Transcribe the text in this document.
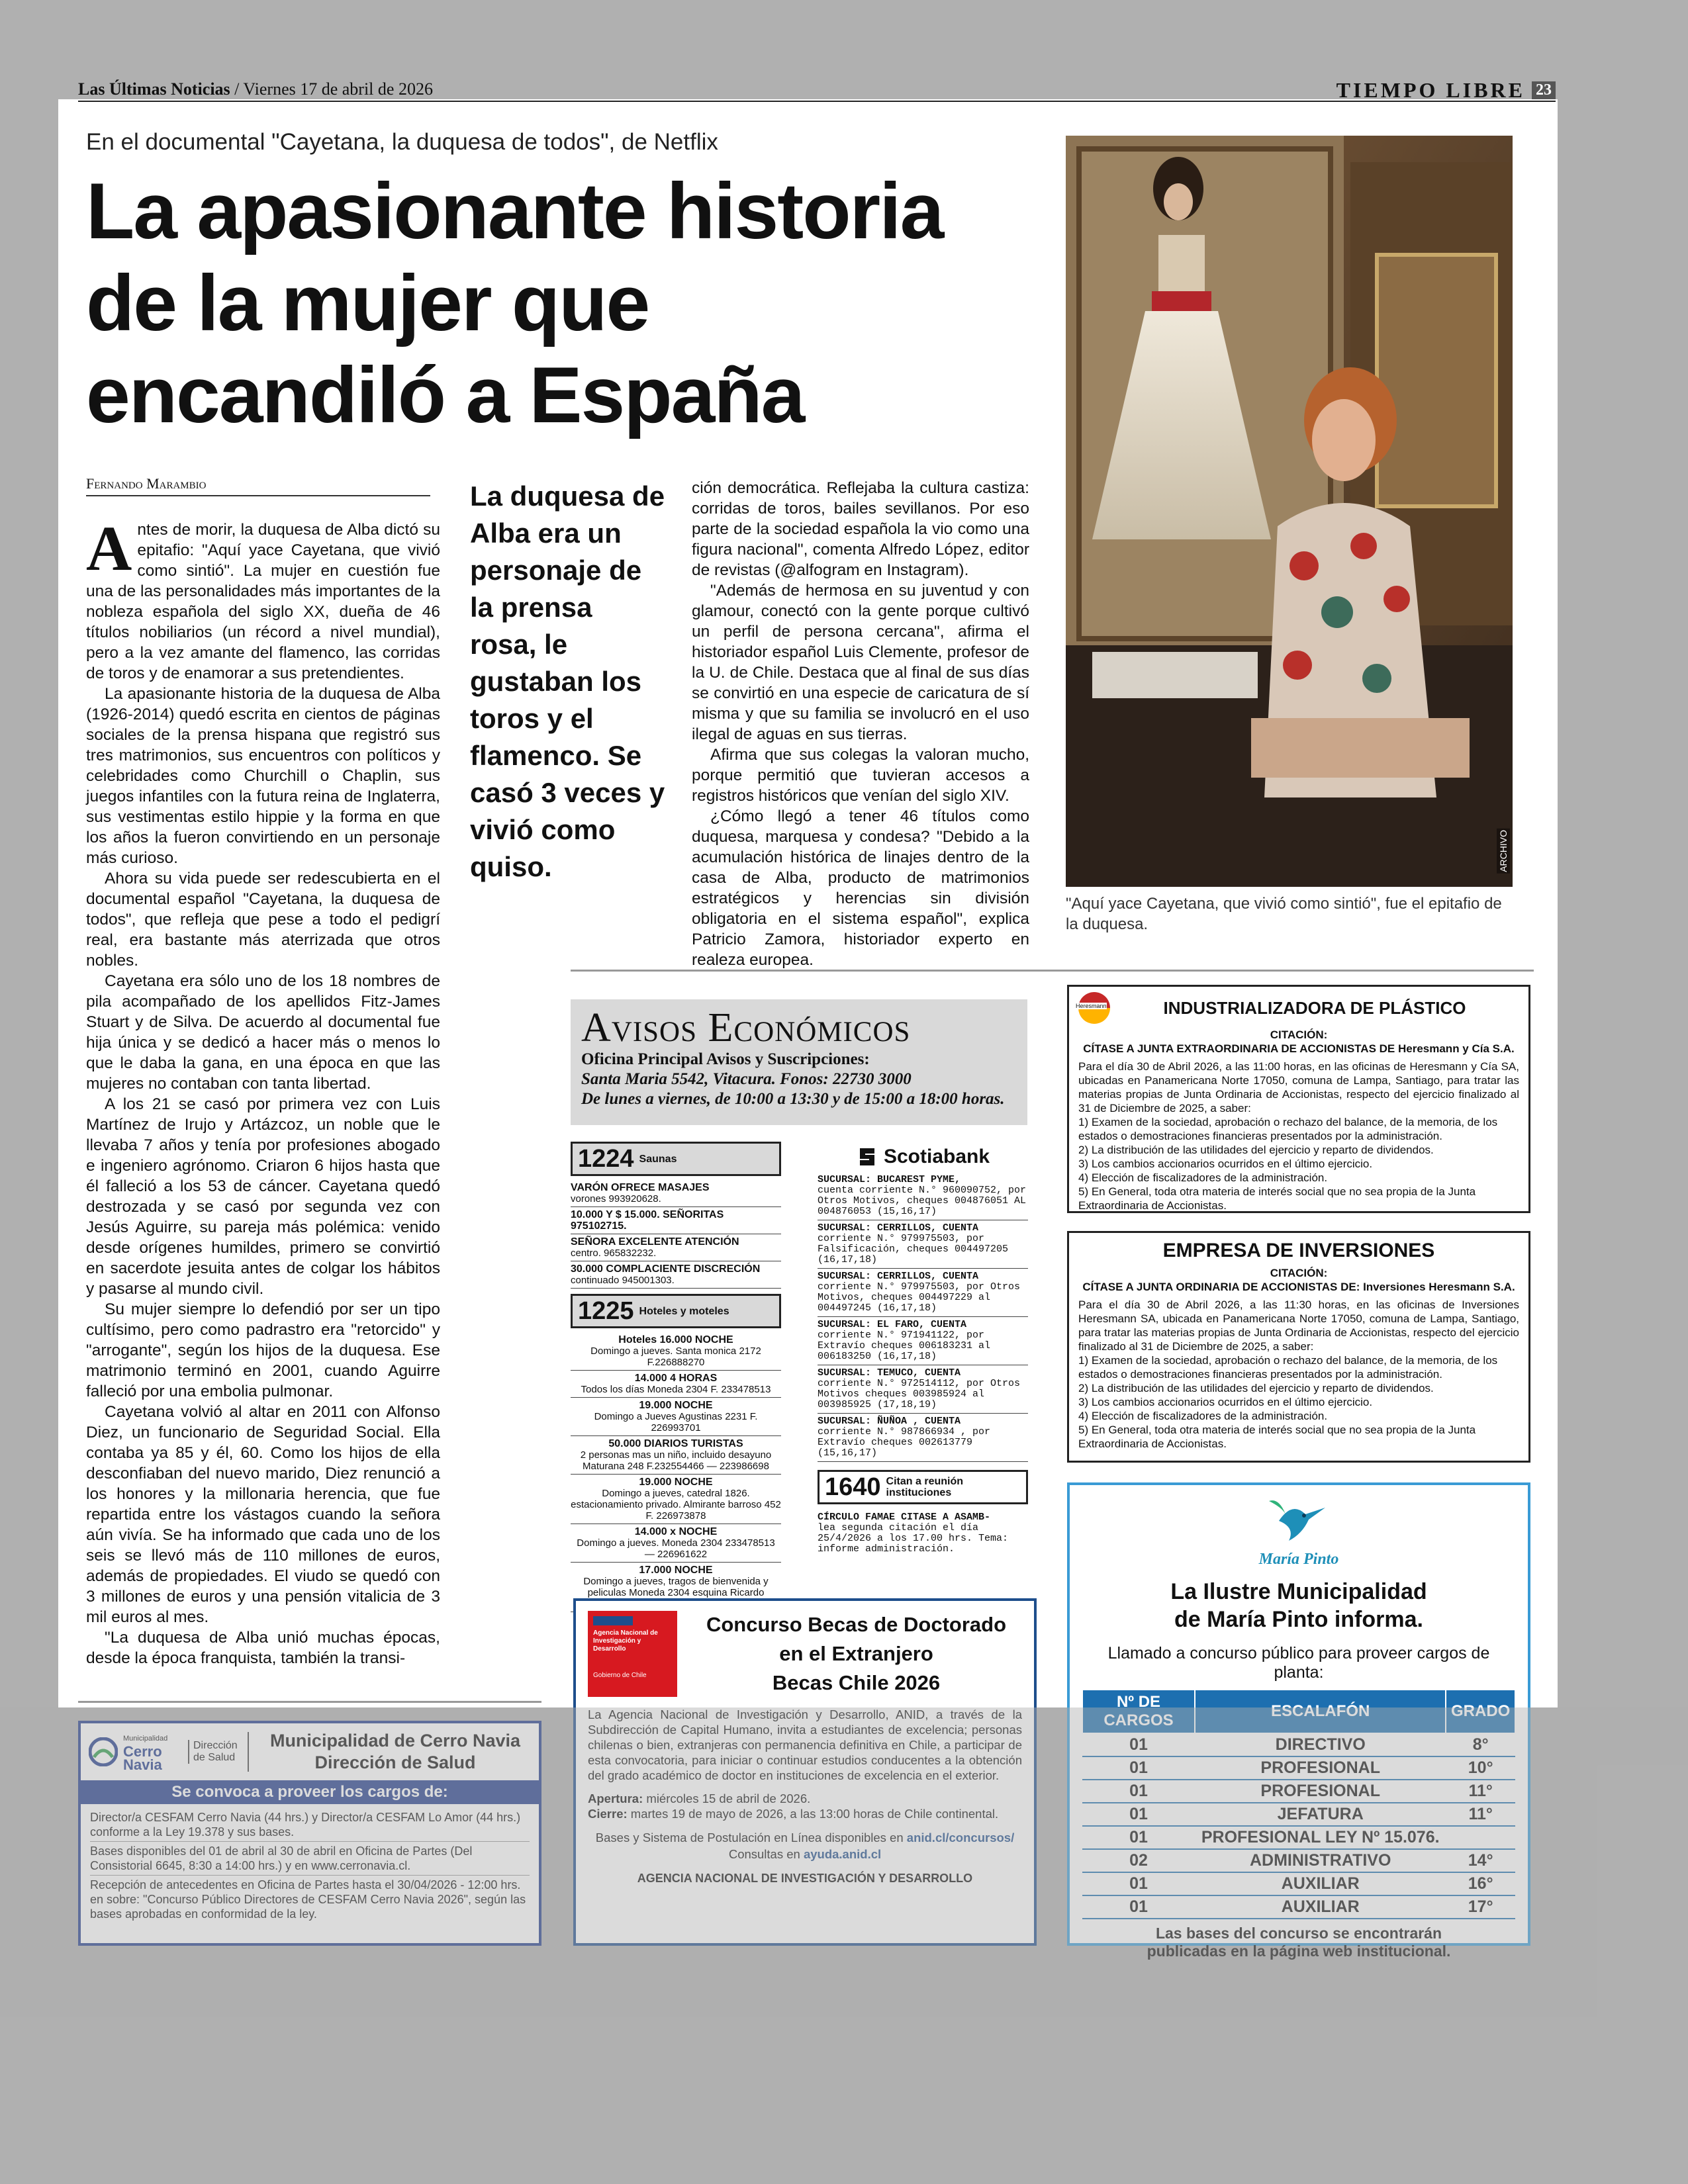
Las Últimas Noticias / Viernes 17 de abril de 2026	TIEMPO LIBRE 23
En el documental "Cayetana, la duquesa de todos", de Netflix
La apasionante historia de la mujer que encandiló a España
Fernando Marambio

Antes de morir, la duquesa de Alba dictó su epitafio: "Aquí yace Cayetana, que vivió como sintió". La mujer en cuestión fue una de las personalidades más importantes de la nobleza española del siglo XX, dueña de 46 títulos nobiliarios (un récord a nivel mundial), pero a la vez amante del flamenco, las corridas de toros y de enamorar a sus pretendientes.

La apasionante historia de la duquesa de Alba (1926-2014) quedó escrita en cientos de páginas sociales de la prensa hispana que registró sus tres matrimonios, sus encuentros con políticos y celebridades como Churchill o Chaplin, sus juegos infantiles con la futura reina de Inglaterra, sus vestimentas estilo hippie y la forma en que los años la fueron convirtiendo en un personaje más curioso.

Ahora su vida puede ser redescubierta en el documental español "Cayetana, la duquesa de todos", que refleja que pese a todo el pedigrí real, era bastante más aterrizada que otros nobles.

Cayetana era sólo uno de los 18 nombres de pila acompañado de los apellidos Fitz-James Stuart y de Silva. De acuerdo al documental fue hija única y se dedicó a hacer más o menos lo que le daba la gana, en una época en que las mujeres no contaban con tanta libertad.

A los 21 se casó por primera vez con Luis Martínez de Irujo y Artázcoz, un noble que le llevaba 7 años y tenía por profesiones abogado e ingeniero agrónomo. Criaron 6 hijos hasta que él falleció a los 53 de cáncer. Cayetana quedó destrozada y se casó por segunda vez con Jesús Aguirre, su pareja más polémica: venido desde orígenes humildes, primero se convirtió en sacerdote jesuita antes de colgar los hábitos y pasarse al mundo civil.

Su mujer siempre lo defendió por ser un tipo cultísimo, pero como padrastro era "retorcido" y "arrogante", según los hijos de la duquesa. Ese matrimonio terminó en 2001, cuando Aguirre falleció por una embolia pulmonar.

Cayetana volvió al altar en 2011 con Alfonso Diez, un funcionario de Seguridad Social. Ella contaba ya 85 y él, 60. Como los hijos de ella desconfiaban del nuevo marido, Diez renunció a los honores y la millonaria herencia, que fue repartida entre los vástagos cuando la señora aún vivía. Se ha informado que cada uno de los seis se llevó más de 110 millones de euros, además de propiedades. El viudo se quedó con 3 millones de euros y una pensión vitalicia de 3 mil euros al mes.

"La duquesa de Alba unió muchas épocas, desde la época franquista, también la transi-

La duquesa de Alba era un personaje de la prensa rosa, le gustaban los toros y el flamenco. Se casó 3 veces y vivió como quiso.

ción democrática. Reflejaba la cultura castiza: corridas de toros, bailes sevillanos. Por eso parte de la sociedad española la vio como una figura nacional", comenta Alfredo López, editor de revistas (@alfogram en Instagram).

"Además de hermosa en su juventud y con glamour, conectó con la gente porque cultivó un perfil de persona cercana", afirma el historiador español Luis Clemente, profesor de la U. de Chile. Destaca que al final de sus días se convirtió en una especie de caricatura de sí misma y que su familia se involucró en el uso ilegal de aguas en sus tierras.

Afirma que sus colegas la valoran mucho, porque permitió que tuvieran accesos a registros históricos que venían del siglo XIV.

¿Cómo llegó a tener 46 títulos como duquesa, marquesa y condesa? "Debido a la acumulación histórica de linajes dentro de la casa de Alba, producto de matrimonios estratégicos y herencias sin división obligatoria en el sistema español", explica Patricio Zamora, historiador experto en realeza europea.

ARCHIVO
"Aquí yace Cayetana, que vivió como sintió", fue el epitafio de la duquesa.
Avisos Económicos
Oficina Principal Avisos y Suscripciones:
Santa Maria 5542, Vitacura. Fonos: 22730 3000
De lunes a viernes, de 10:00 a 13:30 y de 15:00 a 18:00 horas.
1224 Saunas
VARÓN OFRECE MASAJES
vorones 993920628.
10.000 Y $ 15.000. SEÑORITAS 975102715.
SEÑORA EXCELENTE ATENCIÓN
centro. 965832232.
30.000 COMPLACIENTE DISCRECIÓN
continuado 945001303.
1225 Hoteles y moteles
Hoteles 16.000 NOCHE
Domingo a jueves. Santa monica 2172 F.226888270
14.000 4 HORAS
Todos los días Moneda 2304 F. 233478513
19.000 NOCHE
Domingo a Jueves Agustinas 2231 F. 226993701
50.000 DIARIOS TURISTAS
2 personas mas un niño, incluido desayuno Maturana 248 F.232554466 — 223986698
19.000 NOCHE
Domingo a jueves, catedral 1826. estacionamiento privado. Almirante barroso 452 F. 226973878
14.000 x NOCHE
Domingo a jueves. Moneda 2304 233478513 — 226961622
17.000 NOCHE
Domingo a jueves, tragos de bienvenida y peliculas Moneda 2304 esquina Ricardo
Scotiabank
SUCURSAL: BUCAREST PYME,
cuenta corriente N.° 960090752, por Otros Motivos, cheques 004876051 AL 004876053 (15,16,17)
SUCURSAL: CERRILLOS, CUENTA
corriente N.° 979975503, por Falsificación, cheques 004497205 (16,17,18)
SUCURSAL: CERRILLOS, CUENTA
corriente N.° 979975503, por Otros Motivos, cheques 004497229 al 004497245 (16,17,18)
SUCURSAL: EL FARO, CUENTA
corriente N.° 971941122, por Extravío cheques 006183231 al 006183250 (16,17,18)
SUCURSAL: TEMUCO, CUENTA
corriente N.° 972514112, por Otros Motivos cheques 003985924 al 003985925 (17,18,19)
SUCURSAL: ÑUÑOA , CUENTA
corriente N.° 987866934 , por Extravío cheques 002613779 (15,16,17)
1640 Citan a reunión instituciones
CÍRCULO FAMAE CITASE A ASAMB-
lea segunda citación el día 25/4/2026 a los 17.00 hrs. Tema: informe administración.
Heresmann	INDUSTRIALIZADORA DE PLÁSTICO
CITACIÓN:
CÍTASE A JUNTA EXTRAORDINARIA DE ACCIONISTAS DE Heresmann y Cía S.A.
Para el día 30 de Abril 2026, a las 11:00 horas, en las oficinas de Heresmann y Cía SA, ubicadas en Panamericana Norte 17050, comuna de Lampa, Santiago, para tratar las materias propias de Junta Ordinaria de Accionistas, respecto del ejercicio finalizado al 31 de Diciembre de 2025, a saber:
1) Examen de la sociedad, aprobación o rechazo del balance, de la memoria, de los estados o demostraciones financieras presentados por la administración.
2) La distribución de las utilidades del ejercicio y reparto de dividendos.
3) Los cambios accionarios ocurridos en el último ejercicio.
4) Elección de fiscalizadores de la administración.
5) En General, toda otra materia de interés social que no sea propia de la Junta Extraordinaria de Accionistas.
EMPRESA DE INVERSIONES
CITACIÓN:
CÍTASE A JUNTA ORDINARIA DE ACCIONISTAS DE: Inversiones Heresmann S.A.
Para el día 30 de Abril 2026, a las 11:30 horas, en las oficinas de Inversiones Heresmann SA, ubicada en Panamericana Norte 17050, comuna de Lampa, Santiago, para tratar las materias propias de Junta Ordinaria de Accionistas, respecto del ejercicio finalizado al 31 de Diciembre de 2025, a saber:
1) Examen de la sociedad, aprobación o rechazo del balance, de la memoria, de los estados o demostraciones financieras presentados por la administración.
2) La distribución de las utilidades del ejercicio y reparto de dividendos.
3) Los cambios accionarios ocurridos en el último ejercicio.
4) Elección de fiscalizadores de la administración.
5) En General, toda otra materia de interés social que no sea propia de la Junta Extraordinaria de Accionistas.
María Pinto
La Ilustre Municipalidad
de María Pinto informa.
Llamado a concurso público para proveer cargos de planta:
Nº DE CARGOS	ESCALAFÓN	GRADO
01	DIRECTIVO	8°
01	PROFESIONAL	10°
01	PROFESIONAL	11°
01	JEFATURA	11°
01	PROFESIONAL LEY Nº 15.076.	
02	ADMINISTRATIVO	14°
01	AUXILIAR	16°
01	AUXILIAR	17°
Las bases del concurso se encontrarán publicadas en la página web institucional.
Municipalidad
Cerro Navia
Dirección de Salud
Municipalidad de Cerro Navia
Dirección de Salud
Se convoca a proveer los cargos de:
Director/a CESFAM Cerro Navia (44 hrs.) y Director/a CESFAM Lo Amor (44 hrs.) conforme a la Ley 19.378 y sus bases.
Bases disponibles del 01 de abril al 30 de abril en Oficina de Partes (Del Consistorial 6645, 8:30 a 14:00 hrs.) y en www.cerronavia.cl.
Recepción de antecedentes en Oficina de Partes hasta el 30/04/2026 - 12:00 hrs. en sobre: "Concurso Público Directores de CESFAM Cerro Navia 2026", según las bases aprobadas en conformidad de la ley.
Agencia Nacional de Investigación y Desarrollo
Gobierno de Chile
Concurso Becas de Doctorado
en el Extranjero
Becas Chile 2026
La Agencia Nacional de Investigación y Desarrollo, ANID, a través de la Subdirección de Capital Humano, invita a estudiantes de excelencia; personas chilenas o bien, extranjeras con permanencia definitiva en Chile, a participar de esta convocatoria, para iniciar o continuar estudios conducentes a la obtención del grado académico de doctor en instituciones de excelencia en el exterior.
Apertura: miércoles 15 de abril de 2026.
Cierre: martes 19 de mayo de 2026, a las 13:00 horas de Chile continental.
Bases y Sistema de Postulación en Línea disponibles en anid.cl/concursos/
Consultas en ayuda.anid.cl
AGENCIA NACIONAL DE INVESTIGACIÓN Y DESARROLLO
